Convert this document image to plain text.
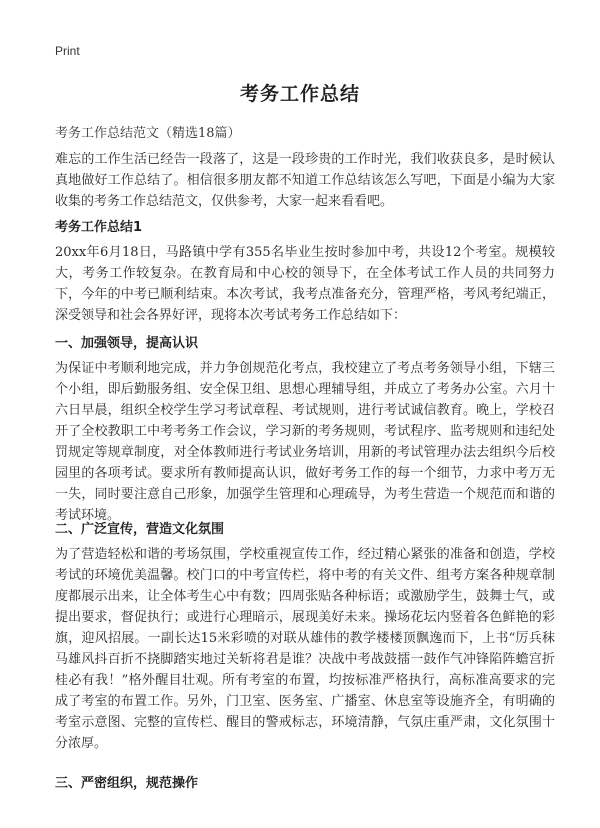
Print
考务工作总结
考务工作总结范文（精选18篇）
难忘的工作生活已经告一段落了，这是一段珍贵的工作时光，我们收获良多，是时候认真地做好工作总结了。相信很多朋友都不知道工作总结该怎么写吧，下面是小编为大家收集的考务工作总结范文，仅供参考，大家一起来看看吧。
考务工作总结1
20xx年6月18日，马路镇中学有355名毕业生按时参加中考，共设12个考室。规模较大，考务工作较复杂。在教育局和中心校的领导下，在全体考试工作人员的共同努力下，今年的中考已顺利结束。本次考试，我考点准备充分，管理严格，考风考纪端正，深受领导和社会各界好评，现将本次考试考务工作总结如下：
一、加强领导，提高认识
为保证中考顺利地完成，并力争创规范化考点，我校建立了考点考务领导小组，下辖三个小组，即后勤服务组、安全保卫组、思想心理辅导组，并成立了考务办公室。六月十六日早晨，组织全校学生学习考试章程、考试规则，进行考试诚信教育。晚上，学校召开了全校教职工中考考务工作会议，学习新的考务规则，考试程序、监考规则和违纪处罚规定等规章制度，对全体教师进行考试业务培训，用新的考试管理办法去组织今后校园里的各项考试。要求所有教师提高认识，做好考务工作的每一个细节，力求中考万无一失，同时要注意自己形象，加强学生管理和心理疏导，为考生营造一个规范而和谐的考试环境。
二、广泛宣传，营造文化氛围
为了营造轻松和谐的考场氛围，学校重视宣传工作，经过精心紧张的准备和创造，学校考试的环境优美温馨。校门口的中考宣传栏，将中考的有关文件、组考方案各种规章制度都展示出来，让全体考生心中有数；四周张贴各种标语；或激励学生，鼓舞士气，或提出要求，督促执行；或进行心理暗示，展现美好未来。操场花坛内竖着各色鲜艳的彩旗，迎风招展。一副长达15米彩喷的对联从雄伟的教学楼楼顶飘逸而下，上书“厉兵秣马雄风抖百折不挠脚踏实地过关斩将君是谁？决战中考战鼓擂一鼓作气冲锋陷阵蟾宫折桂必有我！”格外醒目壮观。所有考室的布置，均按标准严格执行，高标准高要求的完成了考室的布置工作。另外，门卫室、医务室、广播室、休息室等设施齐全，有明确的考室示意图、完整的宣传栏、醒目的警戒标志，环境清静，气氛庄重严肃，文化氛围十分浓厚。
三、严密组织，规范操作
